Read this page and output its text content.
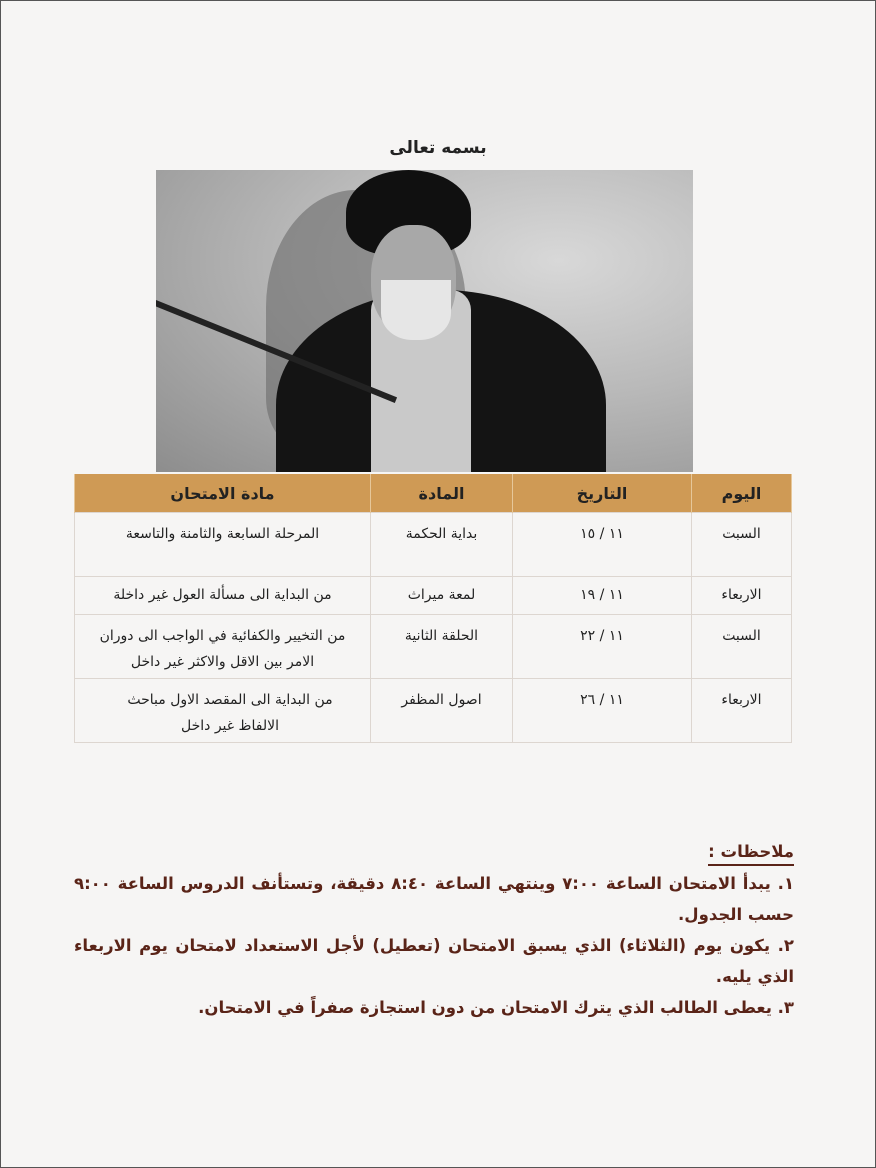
بسمه تعالى
اليوم	التاريخ	المادة	مادة الامتحان
السبت	١١ / ١٥	بداية الحكمة	المرحلة السابعة والثامنة والتاسعة
الاربعاء	١١ / ١٩	لمعة ميراث	من البداية الى مسألة العول غير داخلة
السبت	١١ / ٢٢	الحلقة الثانية	من التخيير والكفائية في الواجب الى دوران الامر بين الاقل والاكثر غير داخل
الاربعاء	١١ / ٢٦	اصول المظفر	من البداية الى المقصد الاول مباحث الالفاظ غير داخل
ملاحظات :

١. يبدأ الامتحان الساعة ٧:٠٠ وينتهي الساعة ٨:٤٠ دقيقة، وتستأنف الدروس الساعة ٩:٠٠ حسب الجدول.

٢. يكون يوم (الثلاثاء) الذي يسبق الامتحان (تعطيل) لأجل الاستعداد لامتحان يوم الاربعاء الذي يليه.

٣. يعطى الطالب الذي يترك الامتحان من دون استجازة صفراً في الامتحان.
